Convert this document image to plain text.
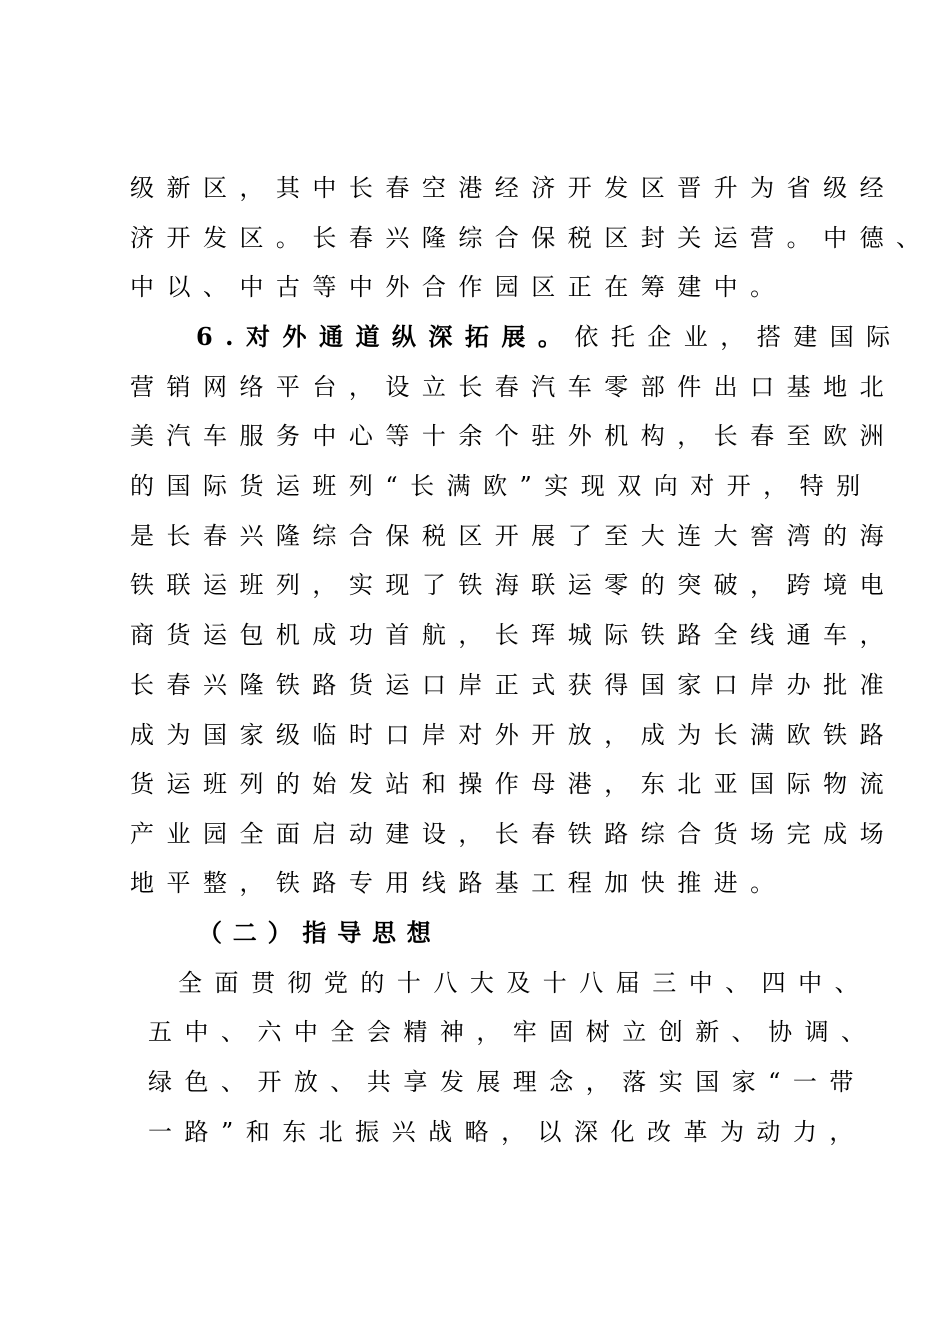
级新区，其中长春空港经济开发区晋升为省级经
济开发区。长春兴隆综合保税区封关运营。中德、
中以、中古等中外合作园区正在筹建中。
6.对外通道纵深拓展。依托企业，搭建国际
营销网络平台，设立长春汽车零部件出口基地北
美汽车服务中心等十余个驻外机构，长春至欧洲
的国际货运班列“长满欧”实现双向对开，特别
是长春兴隆综合保税区开展了至大连大窖湾的海
铁联运班列，实现了铁海联运零的突破，跨境电
商货运包机成功首航，长珲城际铁路全线通车，
长春兴隆铁路货运口岸正式获得国家口岸办批准
成为国家级临时口岸对外开放，成为长满欧铁路
货运班列的始发站和操作母港，东北亚国际物流
产业园全面启动建设，长春铁路综合货场完成场
地平整，铁路专用线路基工程加快推进。
（二）指导思想
全面贯彻党的十八大及十八届三中、四中、
五中、六中全会精神，牢固树立创新、协调、
绿色、开放、共享发展理念，落实国家“一带
一路”和东北振兴战略，以深化改革为动力，
